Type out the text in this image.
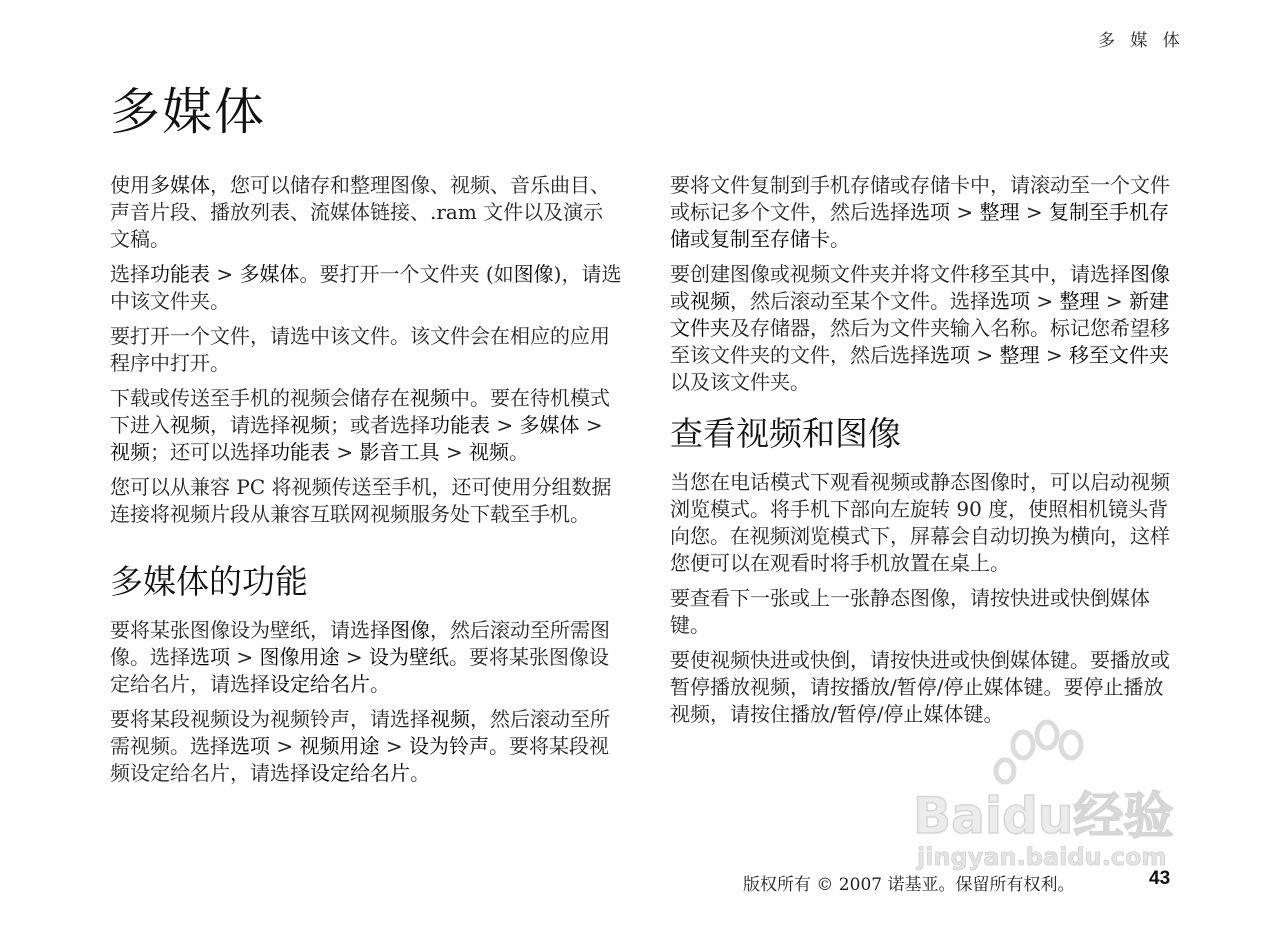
多 媒 体
多媒体

使用多媒体，您可以储存和整理图像、视频、音乐曲目、声音片段、播放列表、流媒体链接、.ram 文件以及演示文稿。

选择功能表 > 多媒体。要打开一个文件夹 (如图像)，请选中该文件夹。

要打开一个文件，请选中该文件。该文件会在相应的应用程序中打开。

下载或传送至手机的视频会储存在视频中。要在待机模式下进入视频，请选择视频；或者选择功能表 > 多媒体 > 视频；还可以选择功能表 > 影音工具 > 视频。

您可以从兼容 PC 将视频传送至手机，还可使用分组数据连接将视频片段从兼容互联网视频服务处下载至手机。

多媒体的功能

要将某张图像设为壁纸，请选择图像，然后滚动至所需图像。选择选项 > 图像用途 > 设为壁纸。要将某张图像设定给名片，请选择设定给名片。

要将某段视频设为视频铃声，请选择视频，然后滚动至所需视频。选择选项 > 视频用途 > 设为铃声。要将某段视频设定给名片，请选择设定给名片。

要将文件复制到手机存储或存储卡中，请滚动至一个文件或标记多个文件，然后选择选项 > 整理 > 复制至手机存储或复制至存储卡。

要创建图像或视频文件夹并将文件移至其中，请选择图像或视频，然后滚动至某个文件。选择选项 > 整理 > 新建文件夹及存储器，然后为文件夹输入名称。标记您希望移至该文件夹的文件，然后选择选项 > 整理 > 移至文件夹以及该文件夹。

查看视频和图像

当您在电话模式下观看视频或静态图像时，可以启动视频浏览模式。将手机下部向左旋转 90 度，使照相机镜头背向您。在视频浏览模式下，屏幕会自动切换为横向，这样您便可以在观看时将手机放置在桌上。

要查看下一张或上一张静态图像，请按快进或快倒媒体键。

要使视频快进或快倒，请按快进或快倒媒体键。要播放或暂停播放视频，请按播放/暂停/停止媒体键。要停止播放视频，请按住播放/暂停/停止媒体键。

Baidu经验
jingyan.baidu.com
版权所有 © 2007 诺基亚。保留所有权利。	43
